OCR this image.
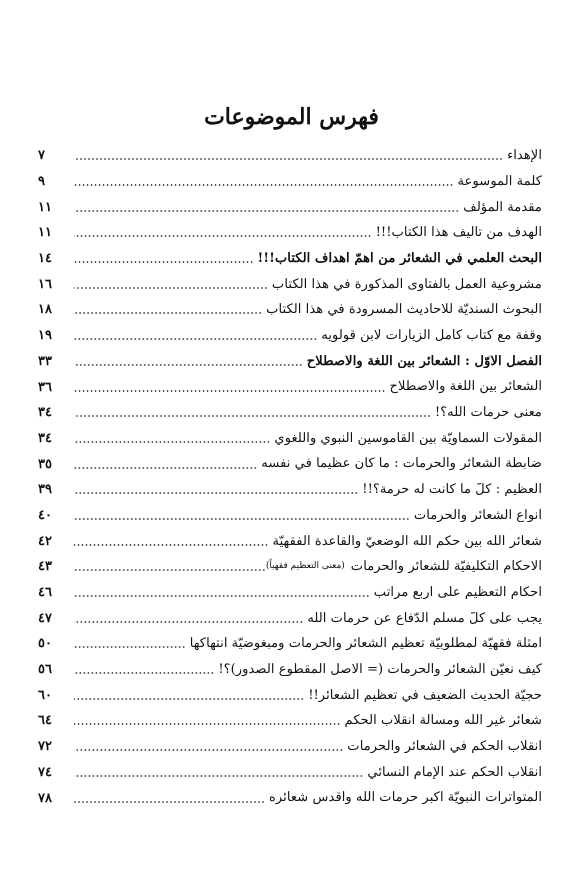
فهرس الموضوعات
الإهداء
٧
كلمة الموسوعة
٩
مقدمة المؤلف
١١
الهدف من تأليف هذا الكتاب!!!
١١
البحث العلمي في الشعائر من أهمّ أهداف الكتاب!!!
١٤
مشروعية العمل بالفتاوى المذكورة في هذا الكتاب
١٦
البحوث السنديّة للأحاديث المسرودة في هذا الكتاب
١٨
وقفة مع كتاب كامل الزيارات لابن قولويه
١٩
الفصل الأوّل : الشعائر بين اللغة والاصطلاح
٣٣
الشعائر بين اللغة والاصطلاح
٣٦
معنى حرمات الله؟!
٣٤
المقولات السماويّة بين القاموسين النبوي واللغوي
٣٤
ضابطة الشعائر والحرمات : ما كان عظيماً في نفسه
٣٥
العظيم : كلّ ما كانت له حرمة؟!!
٣٩
أنواع الشعائر والحرمات
٤٠
شعائر الله بين حكم الله الوضعيّ والقاعدة الفقهيّة
٤٢
الأحكام التكليفيّة للشعائر والحرمات
(معنى التعظيم فقهياً)
٤٣
أحكام التعظيم على أربع مراتب
٤٦
يجب على كلّ مسلم الدّفاع عن حرمات الله
٤٧
أمثلة فقهيّة لمطلوبيّة تعظيم الشعائر والحرمات ومبغوضيّة انتهاكها
٥٠
كيف نعيّن الشعائر والحرمات (= الأصل المقطوع الصدور)؟!
٥٦
حجيّة الحديث الضعيف في تعظيم الشعائر!!
٦٠
شعائر غير الله ومسألة انقلاب الحكم
٦٤
انقلاب الحكم في الشعائر والحرمات
٧٢
انقلاب الحكم عند الإمام النسائي
٧٤
المتواترات النبويّة أكبر حرمات الله وأقدس شعائره
٧٨
